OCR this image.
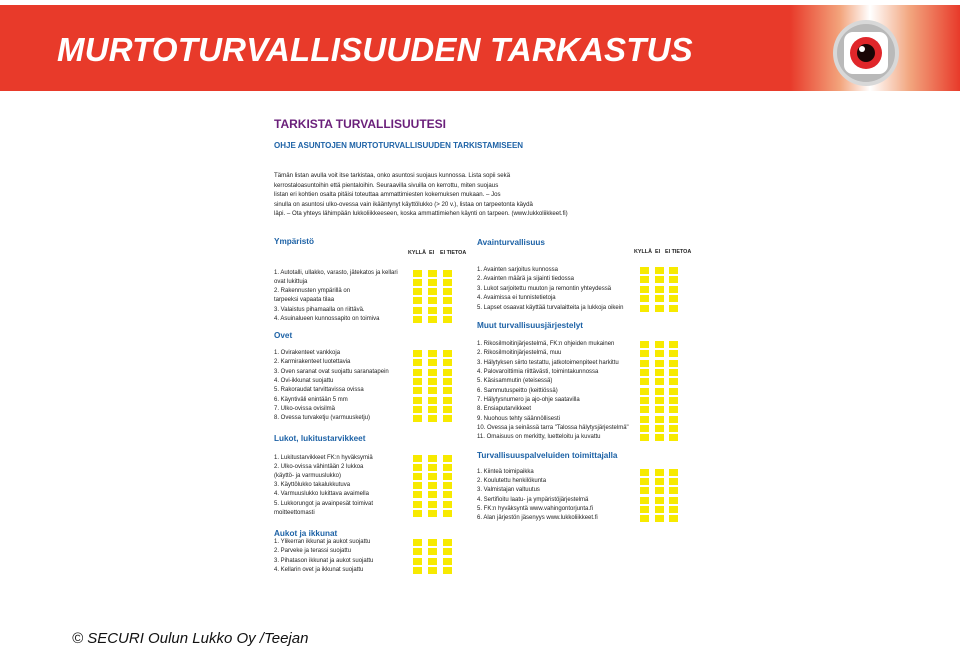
MURTOTURVALLISUUDEN TARKASTUS
TARKISTA TURVALLISUUTESI
OHJE ASUNTOJEN MURTOTURVALLISUUDEN TARKISTAMISEEN
Tämän listan avulla voit itse tarkistaa, onko asuntosi suojaus kunnossa. Lista sopii sekä
kerrostaloasuntoihin että pientaloihin. Seuraavilla sivuilla on kerrottu, miten suojaus
listan eri kohtien osalta pitäisi toteuttaa ammattimiesten kokemuksen mukaan. – Jos
sinulla on asuntosi ulko-ovessa vain ikääntynyt käyttölukko (> 20 v.), listaa on tarpeetonta käydä
läpi. – Ota yhteys lähimpään lukkoliikkeeseen, koska ammattimiehen käynti on tarpeen. (www.lukkoliikkeet.fi)
KYLLÄ EI EI TIETOA	KYLLÄ EI EI TIETOA
Ympäristö
1. Autotalli, ullakko, varasto, jätekatos ja kellari
ovat lukittuja
2. Rakennusten ympärillä on
tarpeeksi vapaata tilaa
3. Valaistus pihamaalla on riittävä.
4. Asuinalueen kunnossapito on toimiva
Ovet
1. Ovirakenteet vankkoja
2. Karmirakenteet luotettavia
3. Oven saranat ovat suojattu saranatapein
4. Ovi-ikkunat suojattu
5. Rakoraudat tarvittavissa ovissa
6. Käyntiväli enintään 5 mm
7. Ulko-ovissa ovisilmä
8. Ovessa turvaketju (varmuusketju)
Lukot, lukitustarvikkeet
1. Lukitustarvikkeet FK:n hyväksymiä
2. Ulko-ovissa vähintään 2 lukkoa
(käyttö- ja varmuuslukko)
3. Käyttölukko takalukkutuva
4. Varmuuslukko lukittava avaimella
5. Lukkorungot ja avainpesät toimivat
moitteettomasti
Aukot ja ikkunat
1. Ylikerran ikkunat ja aukot suojattu
2. Parveke ja terassi suojattu
3. Pihatason ikkunat ja aukot suojattu
4. Kellarin ovet ja ikkunat suojattu
Avainturvallisuus
1. Avainten sarjoitus kunnossa
2. Avainten määrä ja sijainti tiedossa
3. Lukot sarjoitettu muuton ja remontin yhteydessä
4. Avaimissa ei tunnistetietoja
5. Lapset osaavat käyttää turvalaitteita ja lukkoja oikein
Muut turvallisuusjärjestelyt
1. Rikosilmoitinjärjestelmä, FK:n ohjeiden mukainen
2. Rikosilmoitinjärjestelmä, muu
3. Hälytyksen siirto testattu, jatkotoimenpiteet harkittu
4. Palovaroittimia riittävästi, toimintakunnossa
5. Käsisammutin (eteisessä)
6. Sammutuspeitto (keittiössä)
7. Hälytysnumero ja ajo-ohje saatavilla
8. Ensiaputarvikkeet
9. Nuohous tehty säännöllisesti
10. Ovessa ja seinässä tarra "Talossa hälytysjärjestelmä"
11. Omaisuus on merkitty, luetteloitu ja kuvattu
Turvallisuuspalveluiden toimittajalla
1. Kiinteä toimipaikka
2. Koulutettu henkilökunta
3. Valmistajan valtuutus
4. Sertifioitu laatu- ja ympäristöjärjestelmä
5. FK:n hyväksyntä www.vahingontorjunta.fi
6. Alan järjestön jäsenyys www.lukkoliikkeet.fi
© SECURI Oulun Lukko Oy /Teejan
